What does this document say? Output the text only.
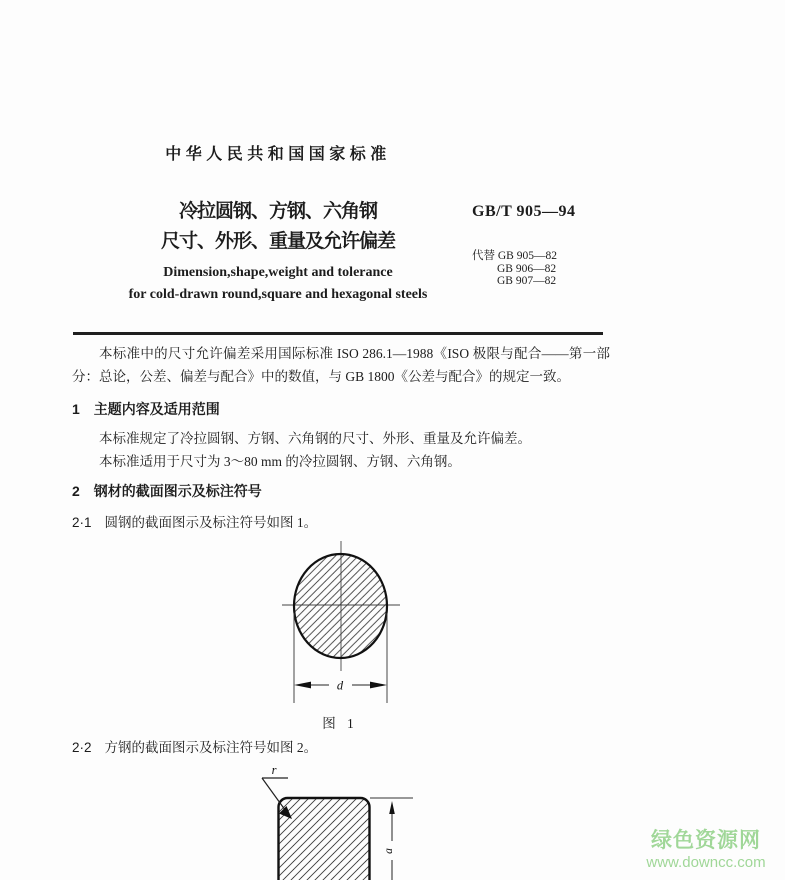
中华人民共和国国家标准
冷拉圆钢、方钢、六角钢
尺寸、外形、重量及允许偏差
Dimension,shape,weight and tolerance
for cold-drawn round,square and hexagonal steels
GB/T 905—94
代替 GB 905—82
GB 906—82
GB 907—82

本标准中的尺寸允许偏差采用国际标准 ISO 286.1—1988《ISO 极限与配合——第一部分：总论，公差、偏差与配合》中的数值，与 GB 1800《公差与配合》的规定一致。

1 主题内容及适用范围

本标准规定了冷拉圆钢、方钢、六角钢的尺寸、外形、重量及允许偏差。

本标准适用于尺寸为 3～80 mm 的冷拉圆钢、方钢、六角钢。

2 钢材的截面图示及标注符号
2·1 圆钢的截面图示及标注符号如图 1。
d
图 1
2·2 方钢的截面图示及标注符号如图 2。
r
a	绿色资源网
www.downcc.com
